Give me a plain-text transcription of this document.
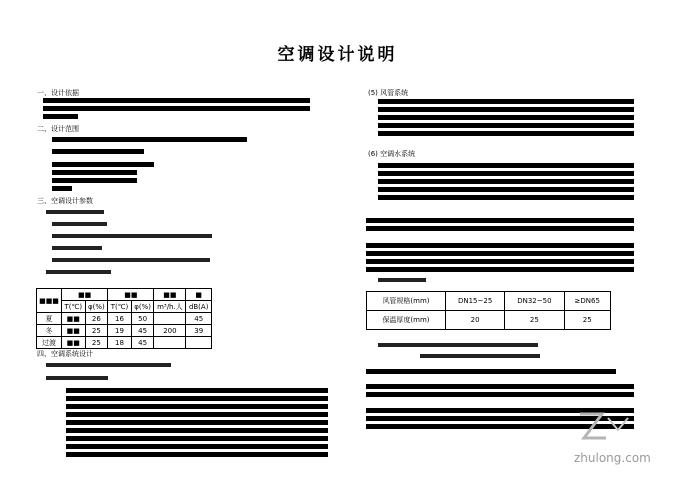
空调设计说明
一、设计依据
二、设计范围
三、空调设计参数
■■■	■■		■■		■■	■
	T(℃)	φ(%)	T(℃)	φ(%)	m³/h.人	dB(A)
夏	■■	26	16	50		45
冬	■■	25	19	45	200	39
过渡	■■	25	18	45		
四、空调系统设计
(5) 风管系统
(6) 空调水系统
风管规格(mm)	DN15~25	DN32~50	≥DN65
保温厚度(mm)	20	25	25
zhulong.com
